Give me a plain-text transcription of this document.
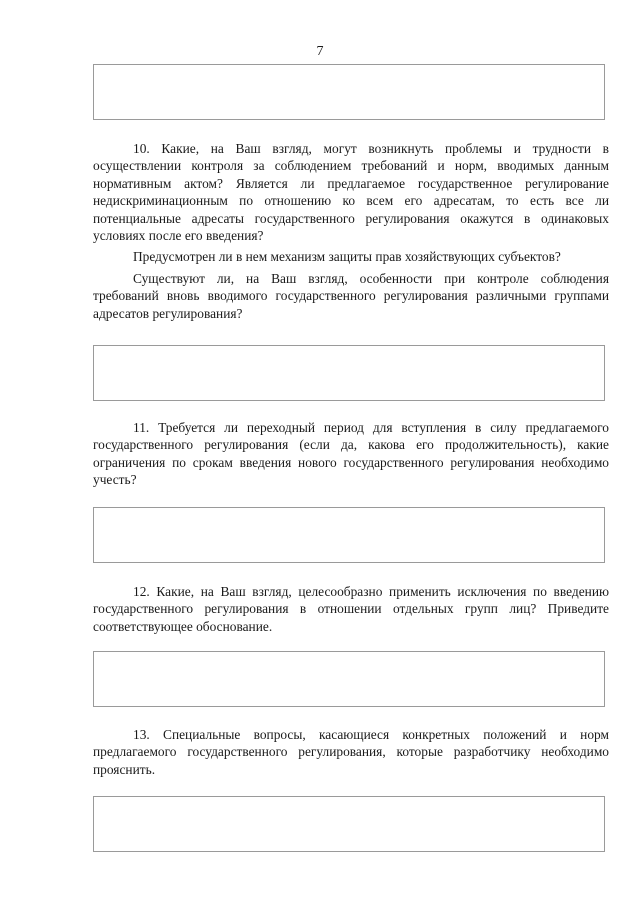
7

10. Какие, на Ваш взгляд, могут возникнуть проблемы и трудности в осуществлении контроля за соблюдением требований и норм, вводимых данным нормативным актом? Является ли предлагаемое государственное регулирование недискриминационным по отношению ко всем его адресатам, то есть все ли потенциальные адресаты государственного регулирования окажутся в одинаковых условиях после его введения?

Предусмотрен ли в нем механизм защиты прав хозяйствующих субъектов?

Существуют ли, на Ваш взгляд, особенности при контроле соблюдения требований вновь вводимого государственного регулирования различными группами адресатов регулирования?

11. Требуется ли переходный период для вступления в силу предлагаемого государственного регулирования (если да, какова его продолжительность), какие ограничения по срокам введения нового государственного регулирования необходимо учесть?

12. Какие, на Ваш взгляд, целесообразно применить исключения по введению государственного регулирования в отношении отдельных групп лиц? Приведите соответствующее обоснование.

13. Специальные вопросы, касающиеся конкретных положений и норм предлагаемого государственного регулирования, которые разработчику необходимо прояснить.
